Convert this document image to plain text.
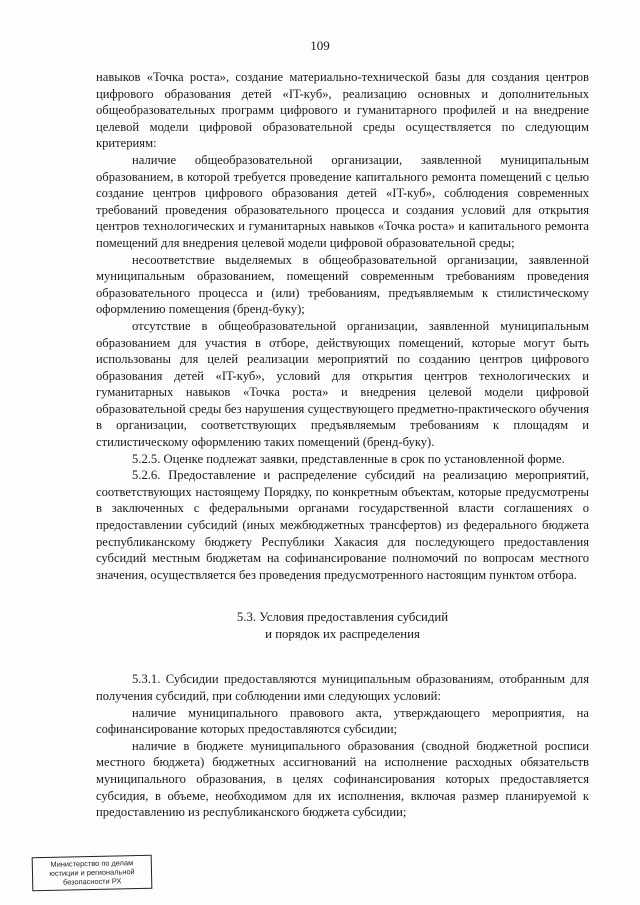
109

навыков «Точка роста», создание материально-технической базы для создания центров цифрового образования детей «IT-куб», реализацию основных и дополнительных общеобразовательных программ цифрового и гуманитарного профилей и на внедрение целевой модели цифровой образовательной среды осуществляется по следующим критериям:

наличие общеобразовательной организации, заявленной муниципальным образованием, в которой требуется проведение капитального ремонта помещений с целью создание центров цифрового образования детей «IT-куб», соблюдения современных требований проведения образовательного процесса и создания условий для открытия центров технологических и гуманитарных навыков «Точка роста» и капитального ремонта помещений для внедрения целевой модели цифровой образовательной среды;

несоответствие выделяемых в общеобразовательной организации, заявленной муниципальным образованием, помещений современным требованиям проведения образовательного процесса и (или) требованиям, предъявляемым к стилистическому оформлению помещения (бренд-буку);

отсутствие в общеобразовательной организации, заявленной муниципальным образованием для участия в отборе, действующих помещений, которые могут быть использованы для целей реализации мероприятий по созданию центров цифрового образования детей «IT-куб», условий для открытия центров технологических и гуманитарных навыков «Точка роста» и внедрения целевой модели цифровой образовательной среды без нарушения существующего предметно-практического обучения в организации, соответствующих предъявляемым требованиям к площадям и стилистическому оформлению таких помещений (бренд-буку).

5.2.5. Оценке подлежат заявки, представленные в срок по установленной форме.

5.2.6. Предоставление и распределение субсидий на реализацию мероприятий, соответствующих настоящему Порядку, по конкретным объектам, которые предусмотрены в заключенных с федеральными органами государственной власти соглашениях о предоставлении субсидий (иных межбюджетных трансфертов) из федерального бюджета республиканскому бюджету Республики Хакасия для последующего предоставления субсидий местным бюджетам на софинансирование полномочий по вопросам местного значения, осуществляется без проведения предусмотренного настоящим пунктом отбора.

5.3. Условия предоставления субсидий
и порядок их распределения

5.3.1. Субсидии предоставляются муниципальным образованиям, отобранным для получения субсидий, при соблюдении ими следующих условий:

наличие муниципального правового акта, утверждающего мероприятия, на софинансирование которых предоставляются субсидии;

наличие в бюджете муниципального образования (сводной бюджетной росписи местного бюджета) бюджетных ассигнований на исполнение расходных обязательств муниципального образования, в целях софинансирования которых предоставляется субсидия, в объеме, необходимом для их исполнения, включая размер планируемой к предоставлению из республиканского бюджета субсидии;

Министерство по делам
юстиции и региональной
безопасности РХ
